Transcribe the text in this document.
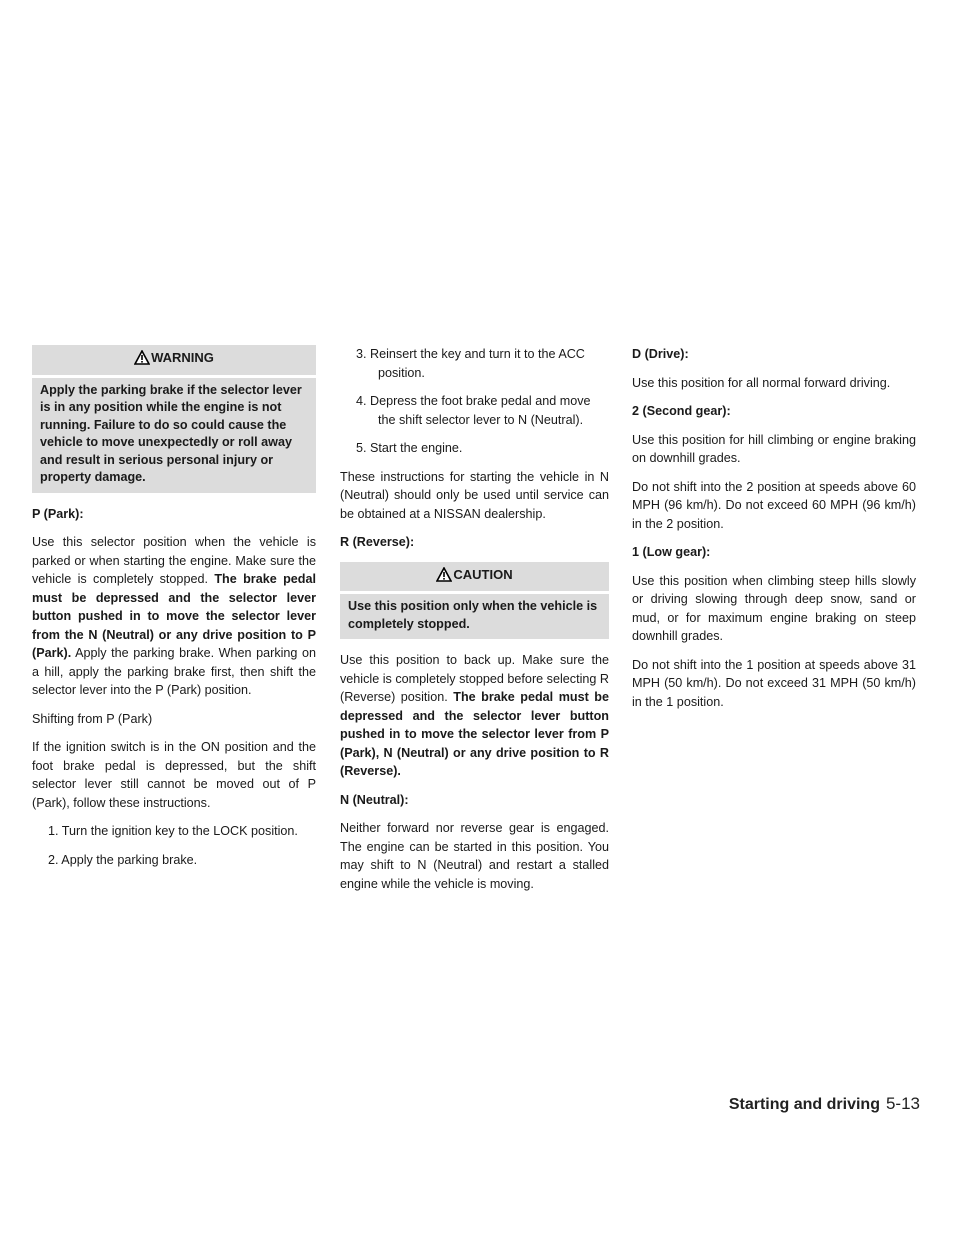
WARNING
Apply the parking brake if the selector lever is in any position while the engine is not running. Failure to do so could cause the vehicle to move unexpectedly or roll away and result in serious personal injury or property damage.

P (Park):

Use this selector position when the vehicle is parked or when starting the engine. Make sure the vehicle is completely stopped. The brake pedal must be depressed and the selector lever button pushed in to move the selector lever from the N (Neutral) or any drive position to P (Park). Apply the parking brake. When parking on a hill, apply the parking brake first, then shift the selector lever into the P (Park) position.

Shifting from P (Park)

If the ignition switch is in the ON position and the foot brake pedal is depressed, but the shift selector lever still cannot be moved out of P (Park), follow these instructions.

1. Turn the ignition key to the LOCK position.
2. Apply the parking brake.
3. Reinsert the key and turn it to the ACC position.
4. Depress the foot brake pedal and move the shift selector lever to N (Neutral).
5. Start the engine.

These instructions for starting the vehicle in N (Neutral) should only be used until service can be obtained at a NISSAN dealership.

R (Reverse):

CAUTION
Use this position only when the vehicle is completely stopped.

Use this position to back up. Make sure the vehicle is completely stopped before selecting R (Reverse) position. The brake pedal must be depressed and the selector lever button pushed in to move the selector lever from P (Park), N (Neutral) or any drive position to R (Reverse).

N (Neutral):

Neither forward nor reverse gear is engaged. The engine can be started in this position. You may shift to N (Neutral) and restart a stalled engine while the vehicle is moving.

D (Drive):

Use this position for all normal forward driving.

2 (Second gear):

Use this position for hill climbing or engine braking on downhill grades.

Do not shift into the 2 position at speeds above 60 MPH (96 km/h). Do not exceed 60 MPH (96 km/h) in the 2 position.

1 (Low gear):

Use this position when climbing steep hills slowly or driving slowing through deep snow, sand or mud, or for maximum engine braking on steep downhill grades.

Do not shift into the 1 position at speeds above 31 MPH (50 km/h). Do not exceed 31 MPH (50 km/h) in the 1 position.

Starting and driving 5-13
